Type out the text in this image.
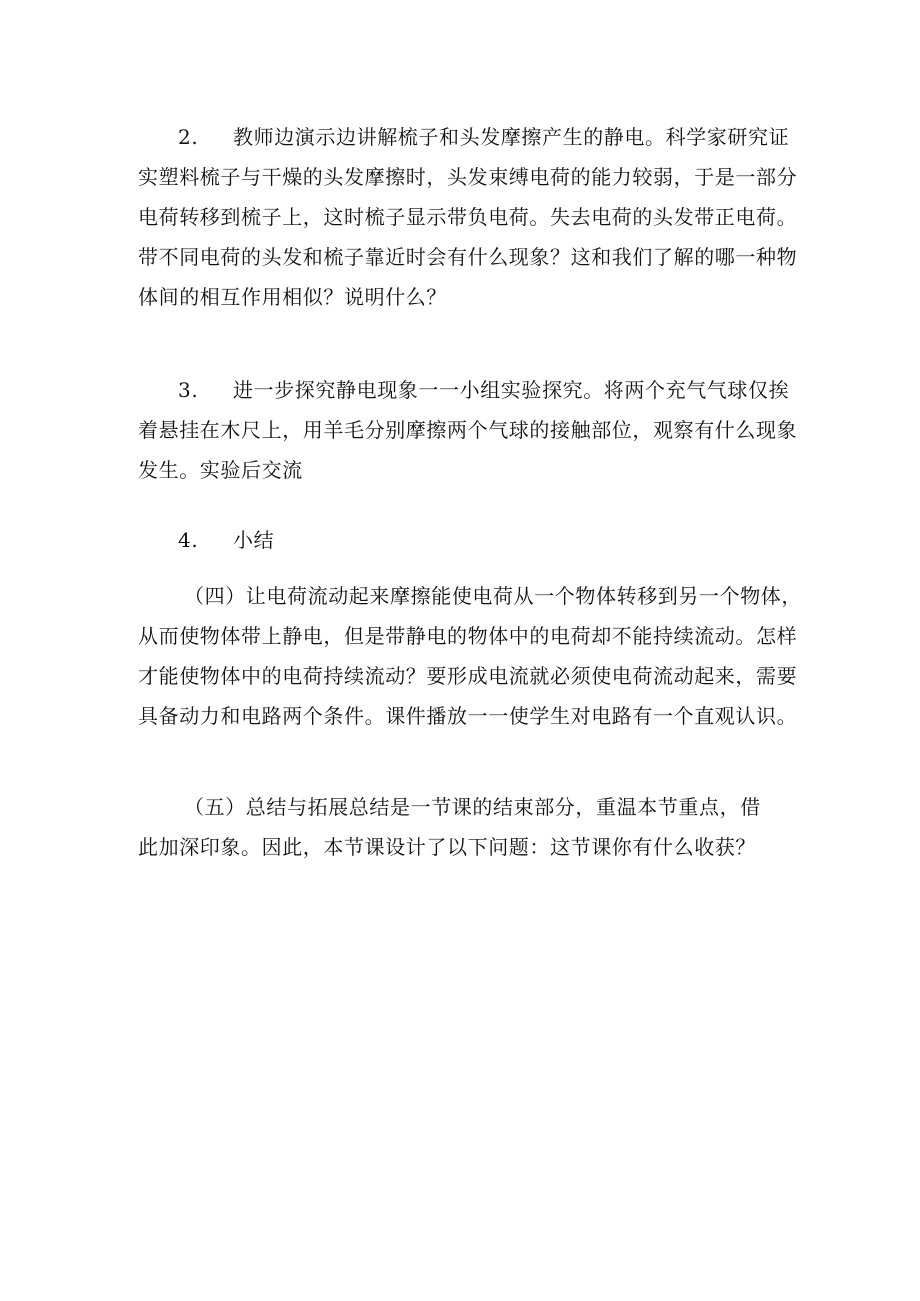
2. 教师边演示边讲解梳子和头发摩擦产生的静电。科学家研究证
实塑料梳子与干燥的头发摩擦时，头发束缚电荷的能力较弱，于是一部分
电荷转移到梳子上，这时梳子显示带负电荷。失去电荷的头发带正电荷。
带不同电荷的头发和梳子靠近时会有什么现象？这和我们了解的哪一种物
体间的相互作用相似？说明什么？
3. 进一步探究静电现象一一小组实验探究。将两个充气气球仅挨
着悬挂在木尺上，用羊毛分别摩擦两个气球的接触部位，观察有什么现象
发生。实验后交流
4. 小结
（四）让电荷流动起来摩擦能使电荷从一个物体转移到另一个物体，
从而使物体带上静电，但是带静电的物体中的电荷却不能持续流动。怎样
才能使物体中的电荷持续流动？要形成电流就必须使电荷流动起来，需要
具备动力和电路两个条件。课件播放一一使学生对电路有一个直观认识。
（五）总结与拓展总结是一节课的结束部分，重温本节重点，借
此加深印象。因此，本节课设计了以下问题：这节课你有什么收获？
